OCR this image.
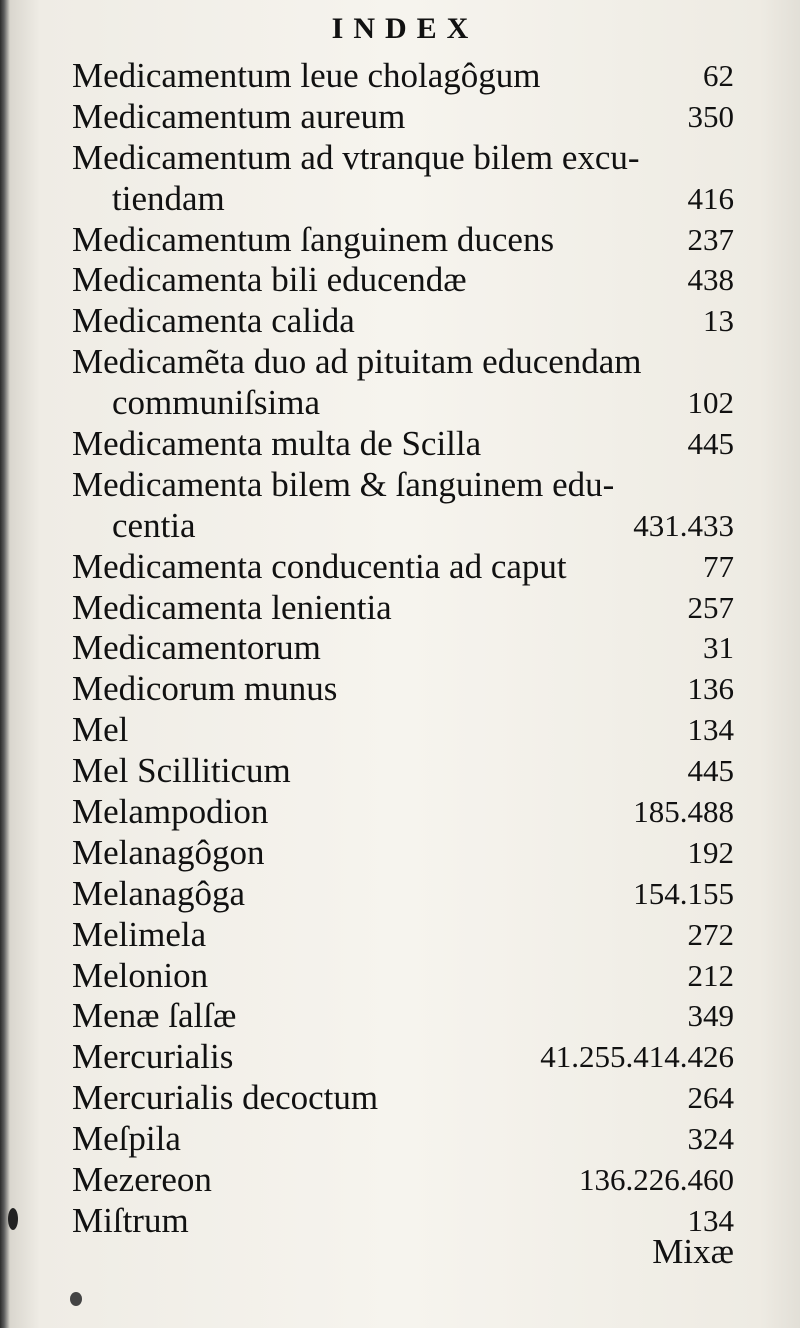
INDEX
Medicamentum leue cholagôgum	62
Medicamentum aureum	350
Medicamentum ad vtranque bilem excu-
tiendam	416
Medicamentum ſanguinem ducens	237
Medicamenta bili educendæ	438
Medicamenta calida	13
Medicamẽta duo ad pituitam educendam
communiſsima	102
Medicamenta multa de Scilla	445
Medicamenta bilem & ſanguinem edu-
centia	431.433
Medicamenta conducentia ad caput	77
Medicamenta lenientia	257
Medicamentorum	31
Medicorum munus	136
Mel	134
Mel Scilliticum	445
Melampodion	185.488
Melanagôgon	192
Melanagôga	154.155
Melimela	272
Melonion	212
Menæ ſalſæ	349
Mercurialis	41.255.414.426
Mercurialis decoctum	264
Meſpila	324
Mezereon	136.226.460
Miſtrum	134
Mixæ
